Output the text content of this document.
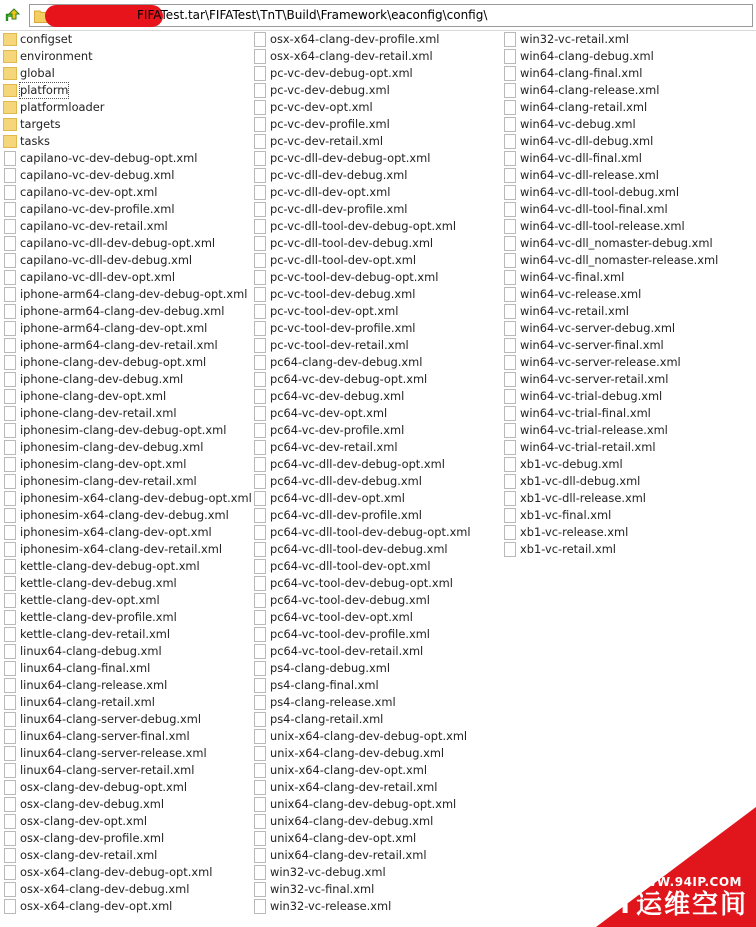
FIFATest.tar\FIFATest\TnT\Build\Framework\eaconfig\config\
configset
environment
global
platform
platformloader
targets
tasks
capilano-vc-dev-debug-opt.xml
capilano-vc-dev-debug.xml
capilano-vc-dev-opt.xml
capilano-vc-dev-profile.xml
capilano-vc-dev-retail.xml
capilano-vc-dll-dev-debug-opt.xml
capilano-vc-dll-dev-debug.xml
capilano-vc-dll-dev-opt.xml
iphone-arm64-clang-dev-debug-opt.xml
iphone-arm64-clang-dev-debug.xml
iphone-arm64-clang-dev-opt.xml
iphone-arm64-clang-dev-retail.xml
iphone-clang-dev-debug-opt.xml
iphone-clang-dev-debug.xml
iphone-clang-dev-opt.xml
iphone-clang-dev-retail.xml
iphonesim-clang-dev-debug-opt.xml
iphonesim-clang-dev-debug.xml
iphonesim-clang-dev-opt.xml
iphonesim-clang-dev-retail.xml
iphonesim-x64-clang-dev-debug-opt.xml
iphonesim-x64-clang-dev-debug.xml
iphonesim-x64-clang-dev-opt.xml
iphonesim-x64-clang-dev-retail.xml
kettle-clang-dev-debug-opt.xml
kettle-clang-dev-debug.xml
kettle-clang-dev-opt.xml
kettle-clang-dev-profile.xml
kettle-clang-dev-retail.xml
linux64-clang-debug.xml
linux64-clang-final.xml
linux64-clang-release.xml
linux64-clang-retail.xml
linux64-clang-server-debug.xml
linux64-clang-server-final.xml
linux64-clang-server-release.xml
linux64-clang-server-retail.xml
osx-clang-dev-debug-opt.xml
osx-clang-dev-debug.xml
osx-clang-dev-opt.xml
osx-clang-dev-profile.xml
osx-clang-dev-retail.xml
osx-x64-clang-dev-debug-opt.xml
osx-x64-clang-dev-debug.xml
osx-x64-clang-dev-opt.xml
osx-x64-clang-dev-profile.xml
osx-x64-clang-dev-retail.xml
pc-vc-dev-debug-opt.xml
pc-vc-dev-debug.xml
pc-vc-dev-opt.xml
pc-vc-dev-profile.xml
pc-vc-dev-retail.xml
pc-vc-dll-dev-debug-opt.xml
pc-vc-dll-dev-debug.xml
pc-vc-dll-dev-opt.xml
pc-vc-dll-dev-profile.xml
pc-vc-dll-tool-dev-debug-opt.xml
pc-vc-dll-tool-dev-debug.xml
pc-vc-dll-tool-dev-opt.xml
pc-vc-tool-dev-debug-opt.xml
pc-vc-tool-dev-debug.xml
pc-vc-tool-dev-opt.xml
pc-vc-tool-dev-profile.xml
pc-vc-tool-dev-retail.xml
pc64-clang-dev-debug.xml
pc64-vc-dev-debug-opt.xml
pc64-vc-dev-debug.xml
pc64-vc-dev-opt.xml
pc64-vc-dev-profile.xml
pc64-vc-dev-retail.xml
pc64-vc-dll-dev-debug-opt.xml
pc64-vc-dll-dev-debug.xml
pc64-vc-dll-dev-opt.xml
pc64-vc-dll-dev-profile.xml
pc64-vc-dll-tool-dev-debug-opt.xml
pc64-vc-dll-tool-dev-debug.xml
pc64-vc-dll-tool-dev-opt.xml
pc64-vc-tool-dev-debug-opt.xml
pc64-vc-tool-dev-debug.xml
pc64-vc-tool-dev-opt.xml
pc64-vc-tool-dev-profile.xml
pc64-vc-tool-dev-retail.xml
ps4-clang-debug.xml
ps4-clang-final.xml
ps4-clang-release.xml
ps4-clang-retail.xml
unix-x64-clang-dev-debug-opt.xml
unix-x64-clang-dev-debug.xml
unix-x64-clang-dev-opt.xml
unix-x64-clang-dev-retail.xml
unix64-clang-dev-debug-opt.xml
unix64-clang-dev-debug.xml
unix64-clang-dev-opt.xml
unix64-clang-dev-retail.xml
win32-vc-debug.xml
win32-vc-final.xml
win32-vc-release.xml
win32-vc-retail.xml
win64-clang-debug.xml
win64-clang-final.xml
win64-clang-release.xml
win64-clang-retail.xml
win64-vc-debug.xml
win64-vc-dll-debug.xml
win64-vc-dll-final.xml
win64-vc-dll-release.xml
win64-vc-dll-tool-debug.xml
win64-vc-dll-tool-final.xml
win64-vc-dll-tool-release.xml
win64-vc-dll_nomaster-debug.xml
win64-vc-dll_nomaster-release.xml
win64-vc-final.xml
win64-vc-release.xml
win64-vc-retail.xml
win64-vc-server-debug.xml
win64-vc-server-final.xml
win64-vc-server-release.xml
win64-vc-server-retail.xml
win64-vc-trial-debug.xml
win64-vc-trial-final.xml
win64-vc-trial-release.xml
win64-vc-trial-retail.xml
xb1-vc-debug.xml
xb1-vc-dll-debug.xml
xb1-vc-dll-release.xml
xb1-vc-final.xml
xb1-vc-release.xml
xb1-vc-retail.xml
WWW.94IP.COM
IT运维空间
